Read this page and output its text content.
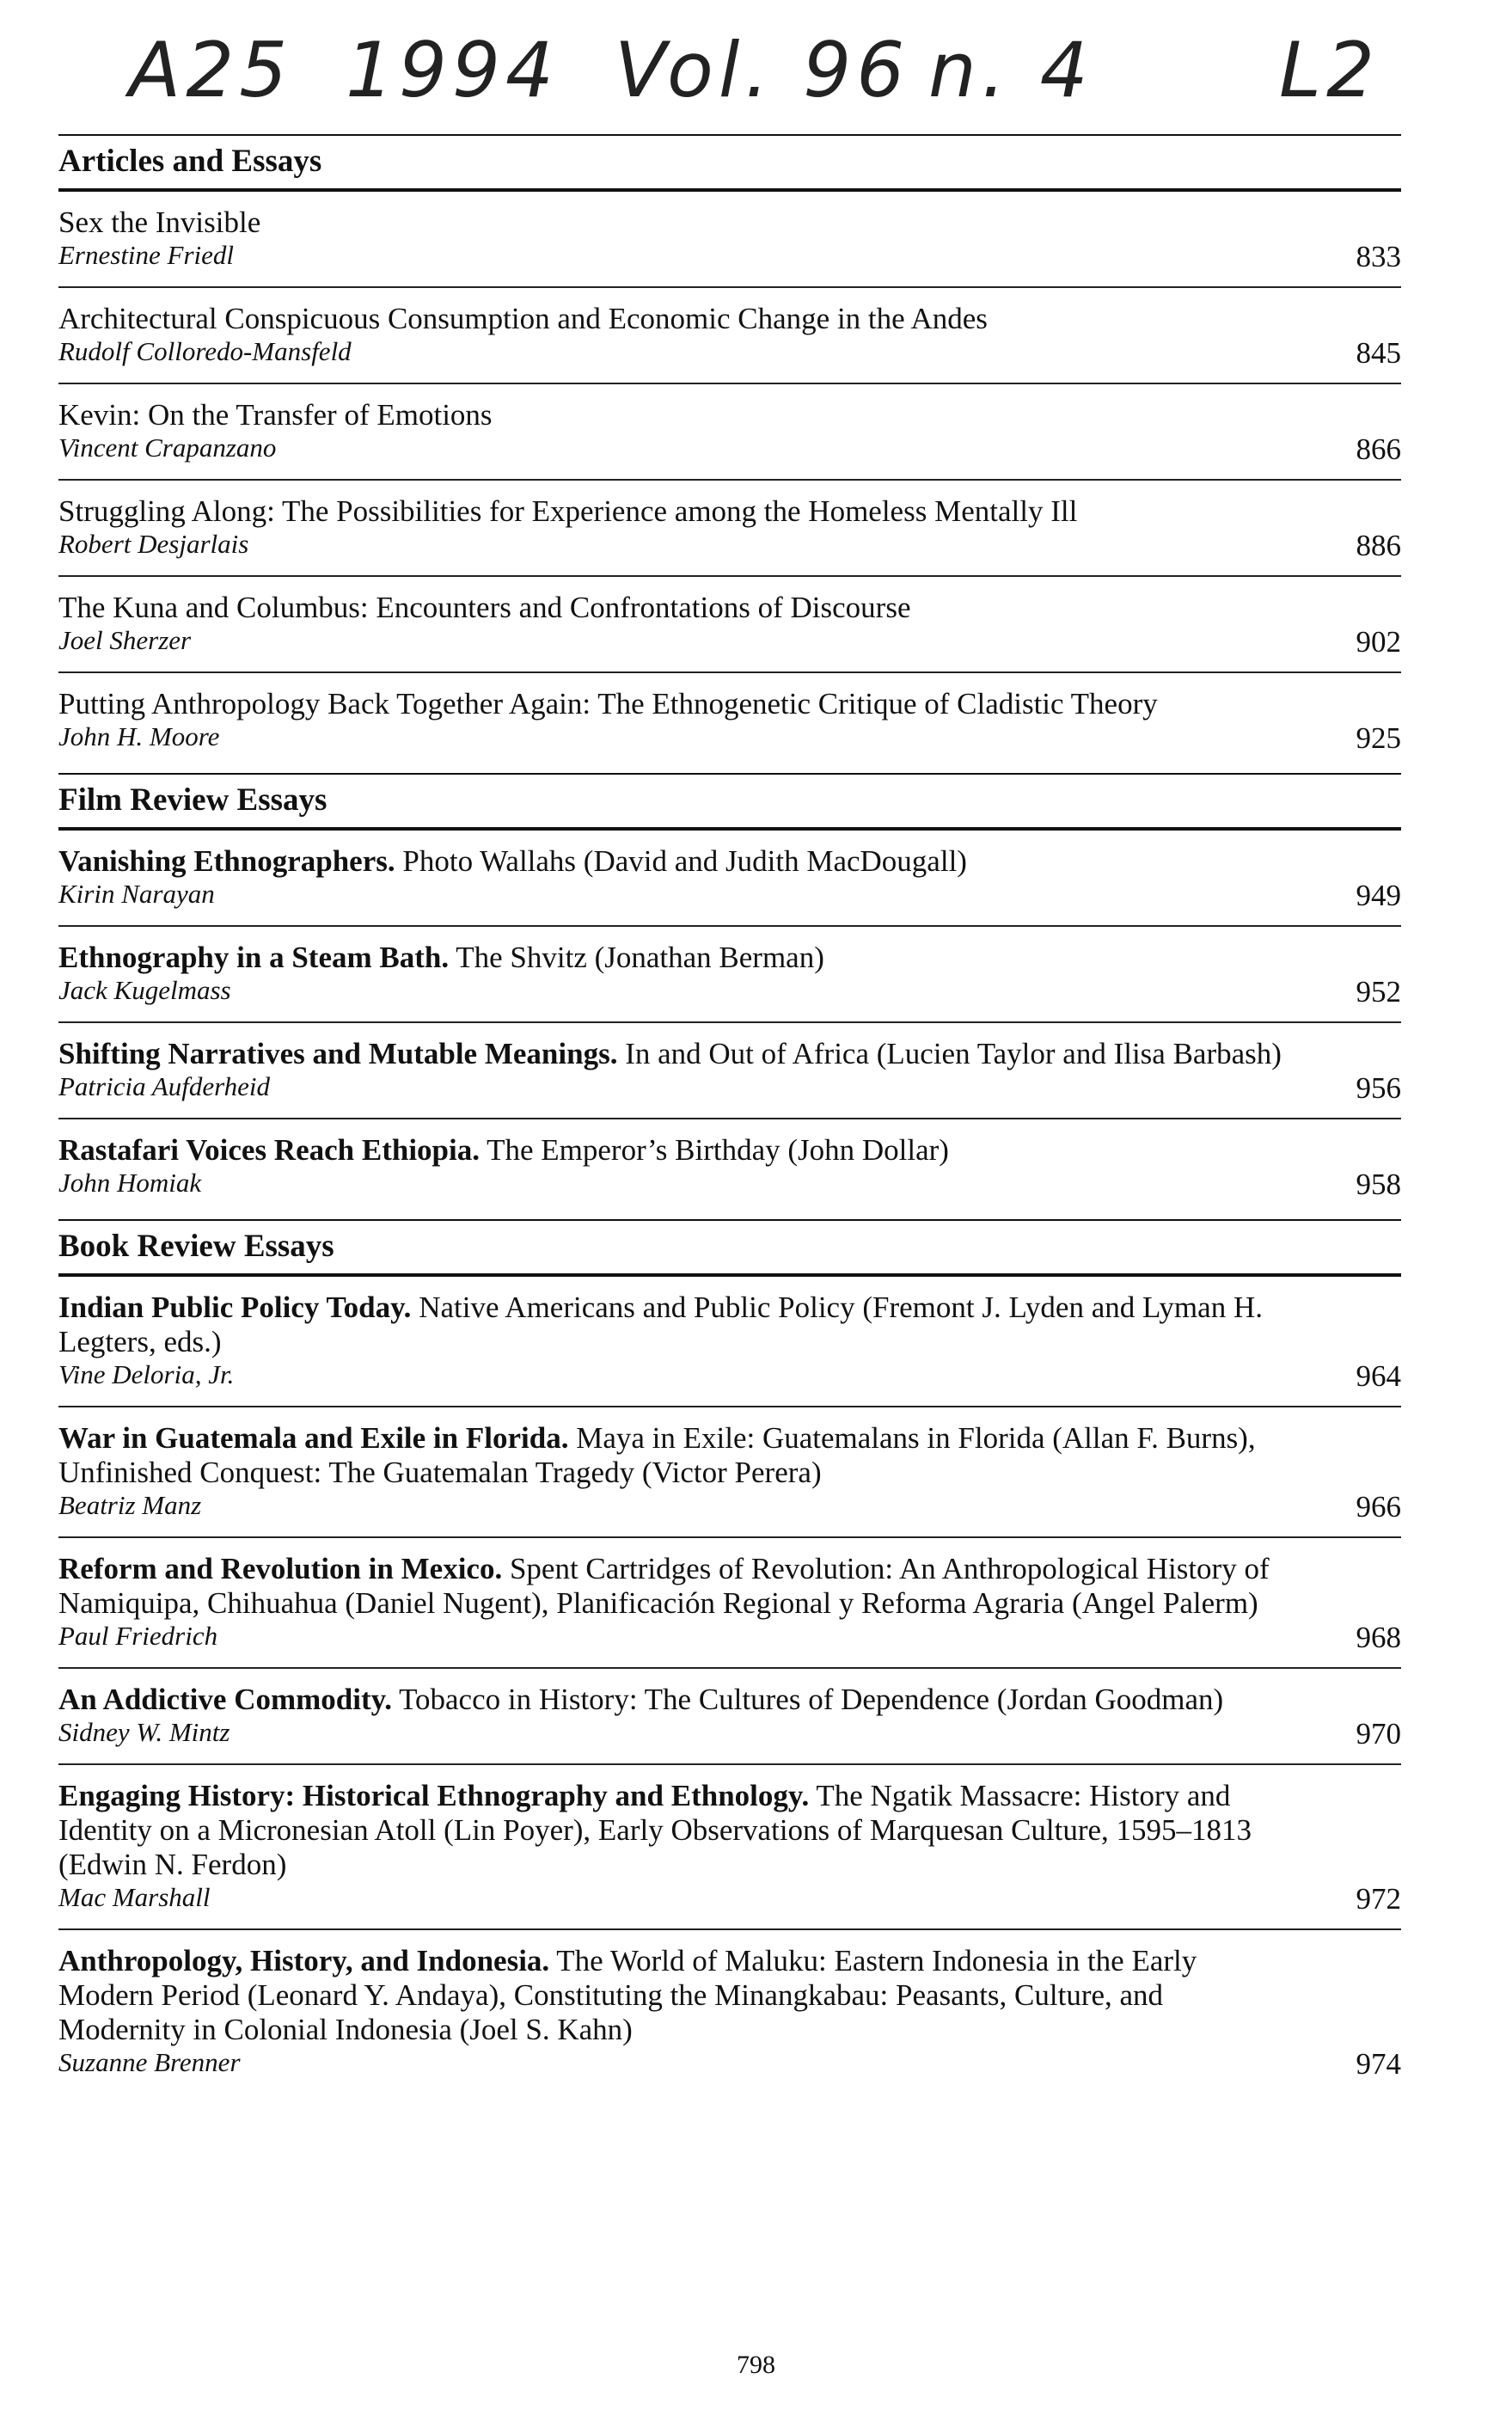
A25

1994

Vol. 96

n. 4

L2

Articles and Essays
Sex the Invisible
Ernestine Friedl	833
Architectural Conspicuous Consumption and Economic Change in the Andes
Rudolf Colloredo-Mansfeld	845
Kevin: On the Transfer of Emotions
Vincent Crapanzano	866
Struggling Along: The Possibilities for Experience among the Homeless Mentally Ill
Robert Desjarlais	886
The Kuna and Columbus: Encounters and Confrontations of Discourse
Joel Sherzer	902
Putting Anthropology Back Together Again: The Ethnogenetic Critique of Cladistic Theory
John H. Moore	925
Film Review Essays
Vanishing Ethnographers. Photo Wallahs (David and Judith MacDougall)
Kirin Narayan	949
Ethnography in a Steam Bath. The Shvitz (Jonathan Berman)
Jack Kugelmass	952
Shifting Narratives and Mutable Meanings. In and Out of Africa (Lucien Taylor and Ilisa Barbash)
Patricia Aufderheid	956
Rastafari Voices Reach Ethiopia. The Emperor’s Birthday (John Dollar)
John Homiak	958
Book Review Essays
Indian Public Policy Today. Native Americans and Public Policy (Fremont J. Lyden and Lyman H. Legters, eds.)
Vine Deloria, Jr.	964
War in Guatemala and Exile in Florida. Maya in Exile: Guatemalans in Florida (Allan F. Burns), Unfinished Conquest: The Guatemalan Tragedy (Victor Perera)
Beatriz Manz	966
Reform and Revolution in Mexico. Spent Cartridges of Revolution: An Anthropological History of Namiquipa, Chihuahua (Daniel Nugent), Planificación Regional y Reforma Agraria (Angel Palerm)
Paul Friedrich	968
An Addictive Commodity. Tobacco in History: The Cultures of Dependence (Jordan Goodman)
Sidney W. Mintz	970
Engaging History: Historical Ethnography and Ethnology. The Ngatik Massacre: History and Identity on a Micronesian Atoll (Lin Poyer), Early Observations of Marquesan Culture, 1595–1813 (Edwin N. Ferdon)
Mac Marshall	972
Anthropology, History, and Indonesia. The World of Maluku: Eastern Indonesia in the Early Modern Period (Leonard Y. Andaya), Constituting the Minangkabau: Peasants, Culture, and Modernity in Colonial Indonesia (Joel S. Kahn)
Suzanne Brenner	974
798
